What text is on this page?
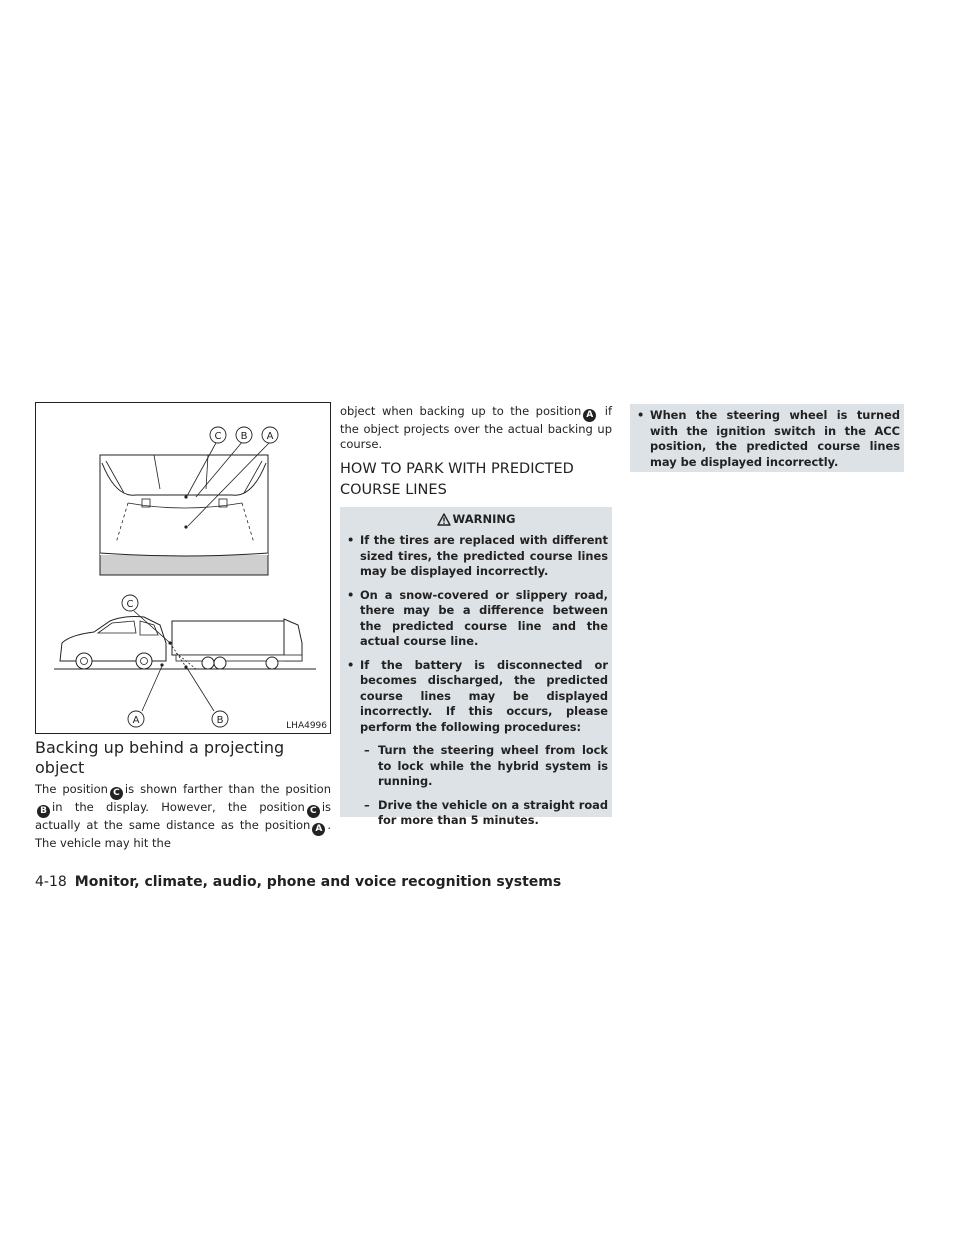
C B A
C
A	B	LHA4996
Backing up behind a projecting object

The position C is shown farther than the positionB in the display. However, the position C is actually at the same distance as the position A . The vehicle may hit the

object when backing up to the position A if the object projects over the actual backing up course.

HOW TO PARK WITH PREDICTED COURSE LINES
WARNING
• If the tires are replaced with different sized tires, the predicted course lines may be displayed incorrectly.
• On a snow-covered or slippery road, there may be a difference between the predicted course line and the actual course line.
• If the battery is disconnected or becomes discharged, the predicted course lines may be displayed incorrectly. If this occurs, please perform the following procedures:
– Turn the steering wheel from lock to lock while the hybrid system is running.
– Drive the vehicle on a straight road for more than 5 minutes.
• When the steering wheel is turned with the ignition switch in the ACC position, the predicted course lines may be displayed incorrectly.
4-18 Monitor, climate, audio, phone and voice recognition systems
